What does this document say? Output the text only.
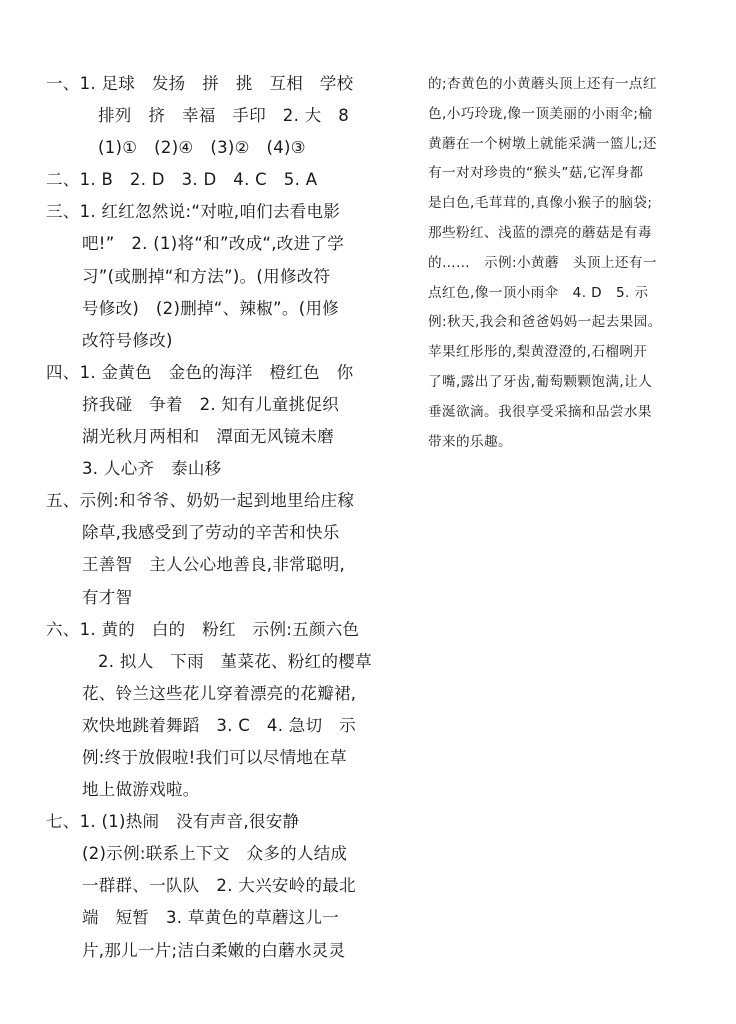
一、1. 足球　发扬　拼　挑　互相　学校
排列　挤　幸福　手印　2. 大　8
(1)①　(2)④　(3)②　(4)③
二、1. B　2. D　3. D　4. C　5. A
三、1. 红红忽然说:“对啦,咱们去看电影
吧!”　2. (1)将“和”改成“,改进了学
习”(或删掉“和方法”)。(用修改符
号修改)　(2)删掉“、辣椒”。(用修
改符号修改)
四、1. 金黄色　金色的海洋　橙红色　你
挤我碰　争着　2. 知有儿童挑促织
湖光秋月两相和　潭面无风镜未磨
3. 人心齐　泰山移
五、示例:和爷爷、奶奶一起到地里给庄稼
除草,我感受到了劳动的辛苦和快乐
王善智　主人公心地善良,非常聪明,
有才智
六、1. 黄的　白的　粉红　示例:五颜六色
2. 拟人　下雨　堇菜花、粉红的樱草
花、铃兰这些花儿穿着漂亮的花瓣裙,
欢快地跳着舞蹈　3. C　4. 急切　示
例:终于放假啦!我们可以尽情地在草
地上做游戏啦。
七、1. (1)热闹　没有声音,很安静
(2)示例:联系上下文　众多的人结成
一群群、一队队　2. 大兴安岭的最北
端　短暂　3. 草黄色的草蘑这儿一
片,那儿一片;洁白柔嫩的白蘑水灵灵
的;杏黄色的小黄蘑头顶上还有一点红
色,小巧玲珑,像一顶美丽的小雨伞;榆
黄蘑在一个树墩上就能采满一篮儿;还
有一对对珍贵的“猴头”菇,它浑身都
是白色,毛茸茸的,真像小猴子的脑袋;
那些粉红、浅蓝的漂亮的蘑菇是有毒
的……　示例:小黄蘑　头顶上还有一
点红色,像一顶小雨伞　4. D　5. 示
例:秋天,我会和爸爸妈妈一起去果园。
苹果红彤彤的,梨黄澄澄的,石榴咧开
了嘴,露出了牙齿,葡萄颗颗饱满,让人
垂涎欲滴。我很享受采摘和品尝水果
带来的乐趣。
